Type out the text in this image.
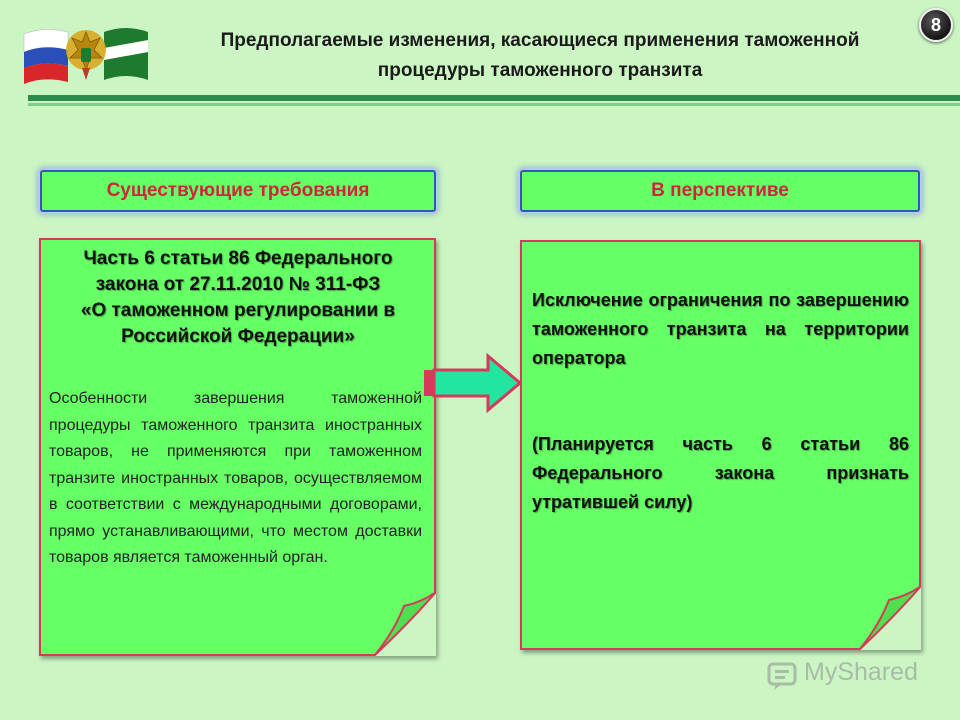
Предполагаемые изменения, касающиеся применения таможенной
процедуры таможенного транзита
8
Существующие требования	В перспективе
Часть 6 статьи 86 Федерального
закона от 27.11.2010 № 311-ФЗ
«О таможенном регулировании в
Российской Федерации»
Особенности завершения таможенной процедуры таможенного транзита иностранных товаров, не применяются при таможенном транзите иностранных товаров, осуществляемом в соответствии с международными договорами, прямо устанавливающими, что местом доставки товаров является таможенный орган.
Исключение ограничения по завершению таможенного транзита на территории оператора
(Планируется часть 6 статьи 86 Федерального закона признать утратившей силу)
MyShared
